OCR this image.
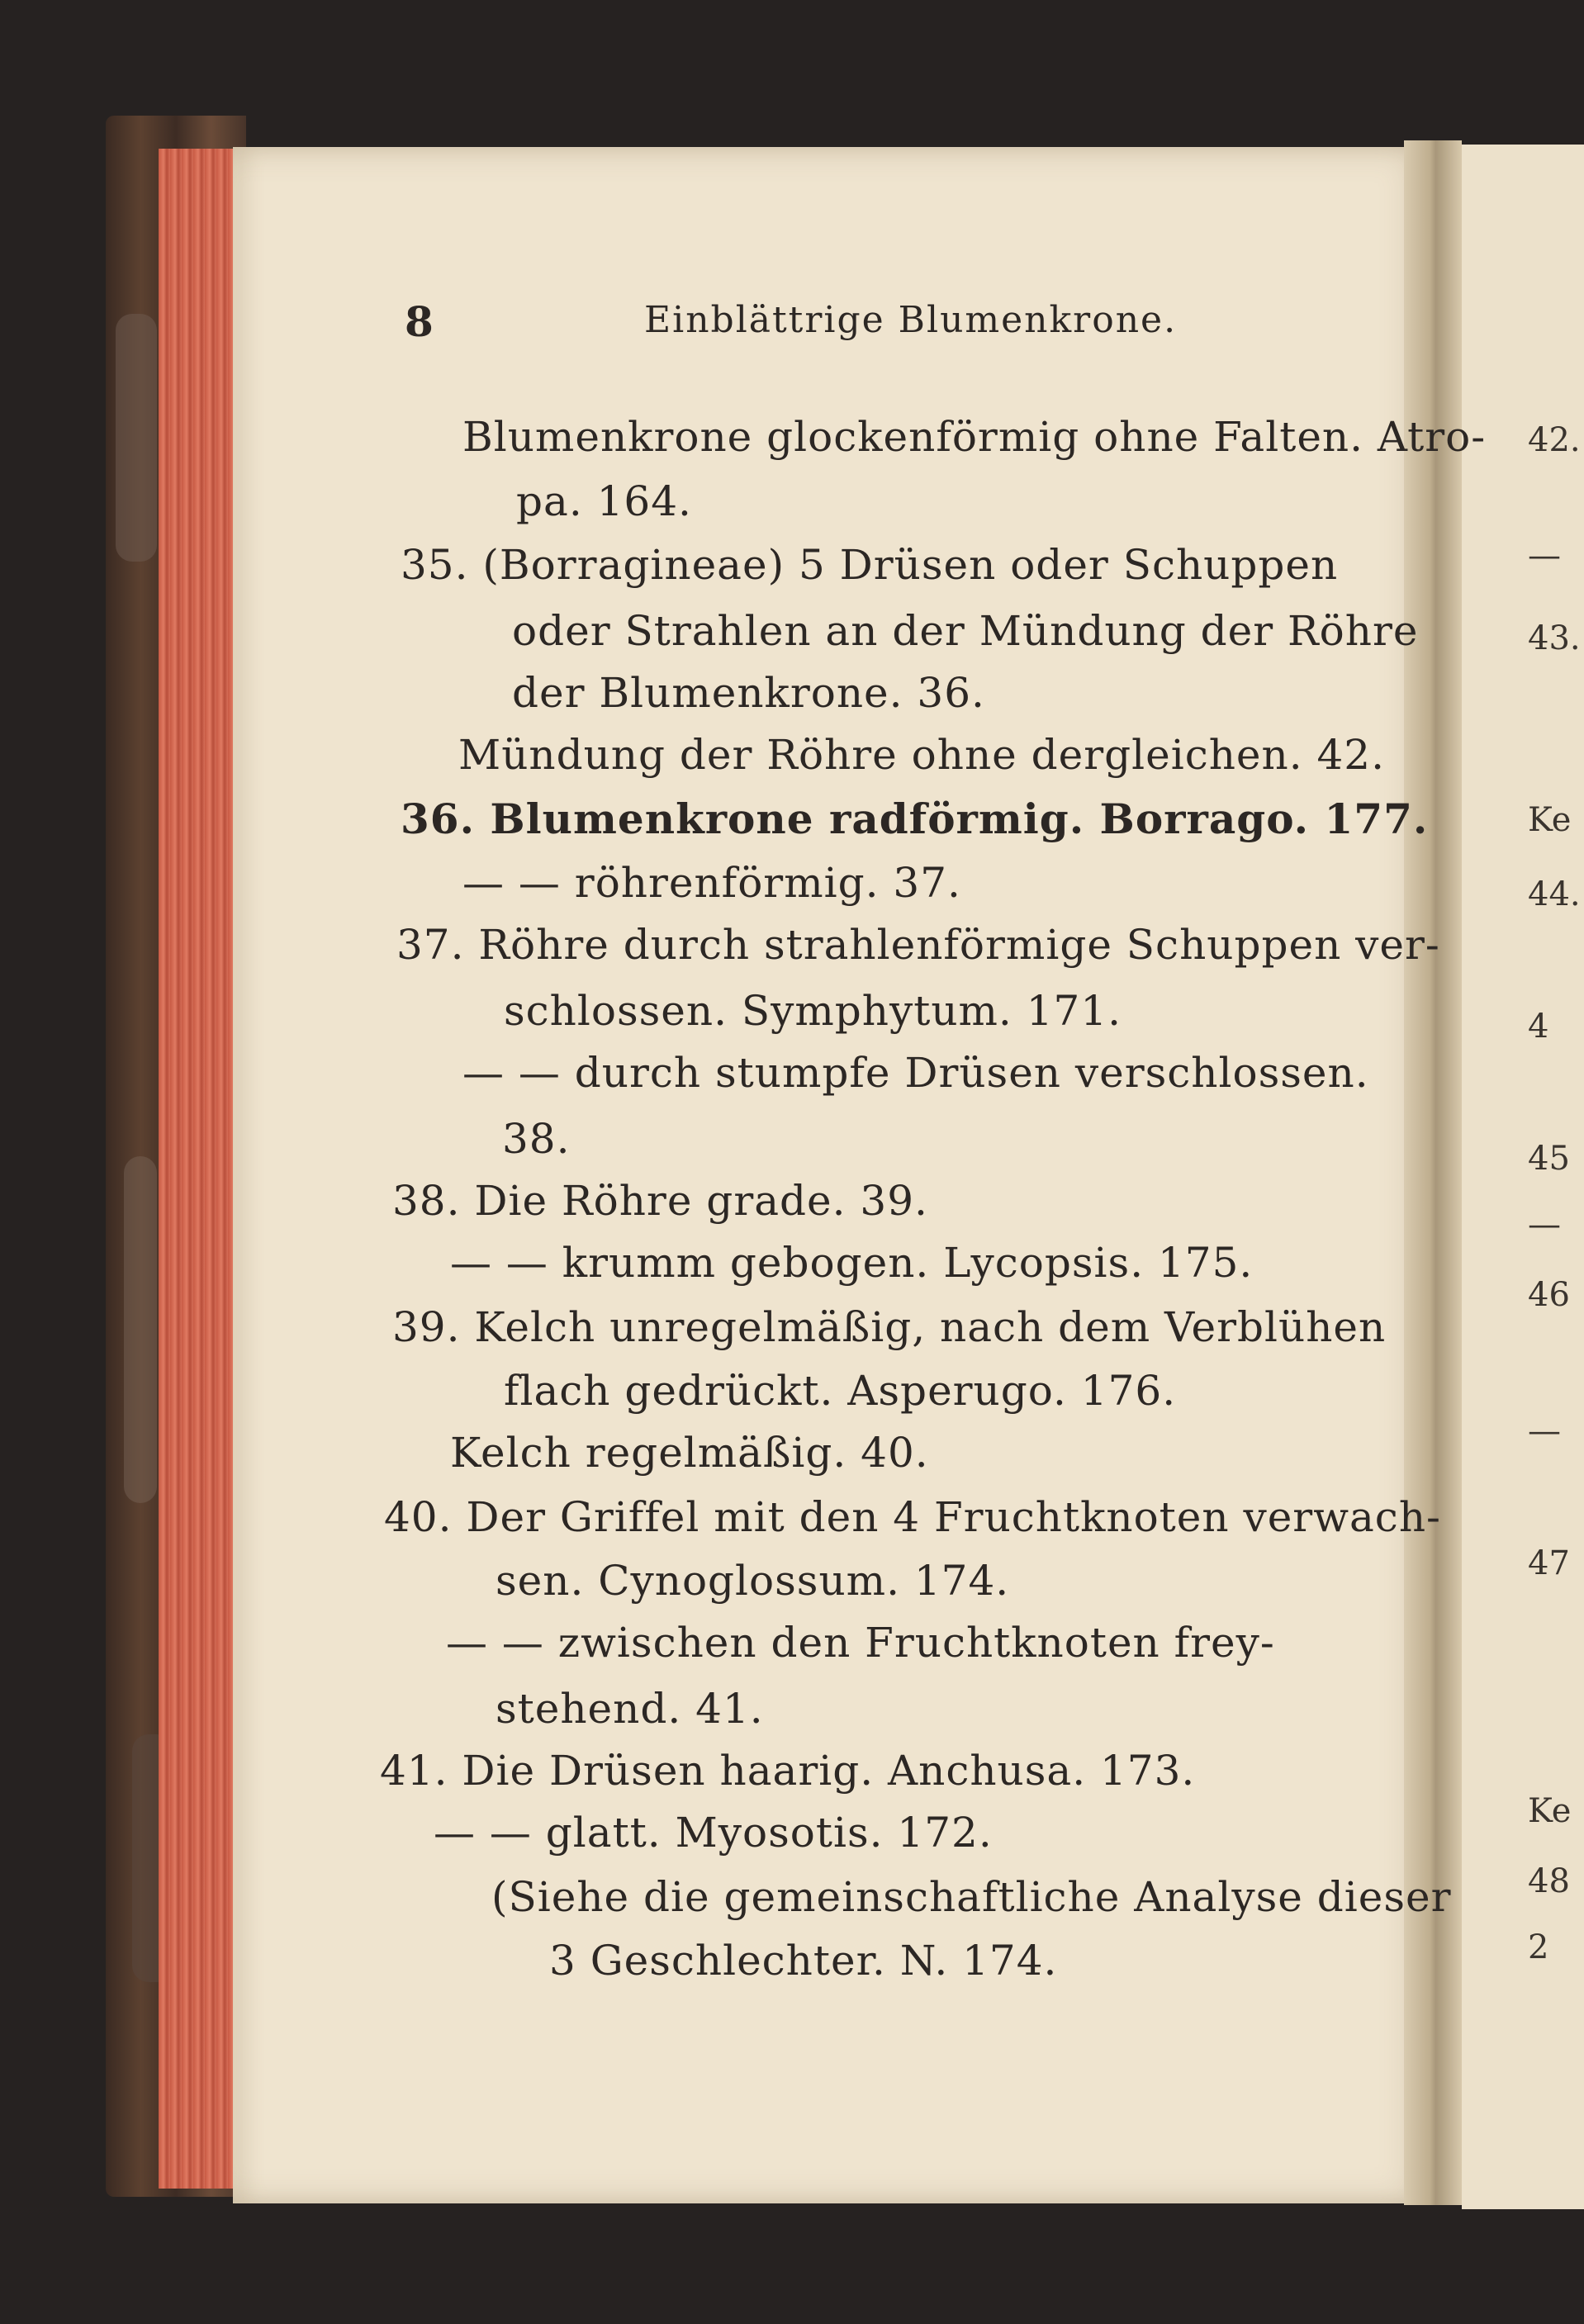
42.
—
43.
Ke
44.
4
45
—
46
—
47
Ke
48
2
8	Einblättrige Blumenkrone.
Blumenkrone glockenförmig ohne Falten. Atro-
pa. 164.
35. (Borragineae) 5 Drüsen oder Schuppen
oder Strahlen an der Mündung der Röhre
der Blumenkrone. 36.
Mündung der Röhre ohne dergleichen. 42.
36. Blumenkrone radförmig. Borrago. 177.
— — röhrenförmig. 37.
37. Röhre durch strahlenförmige Schuppen ver-
schlossen. Symphytum. 171.
— — durch stumpfe Drüsen verschlossen.
38.
38. Die Röhre grade. 39.
— — krumm gebogen. Lycopsis. 175.
39. Kelch unregelmäßig, nach dem Verblühen
flach gedrückt. Asperugo. 176.
Kelch regelmäßig. 40.
40. Der Griffel mit den 4 Fruchtknoten verwach-
sen. Cynoglossum. 174.
— — zwischen den Fruchtknoten frey-
stehend. 41.
41. Die Drüsen haarig. Anchusa. 173.
— — glatt. Myosotis. 172.
(Siehe die gemeinschaftliche Analyse dieser
3 Geschlechter. N. 174.
